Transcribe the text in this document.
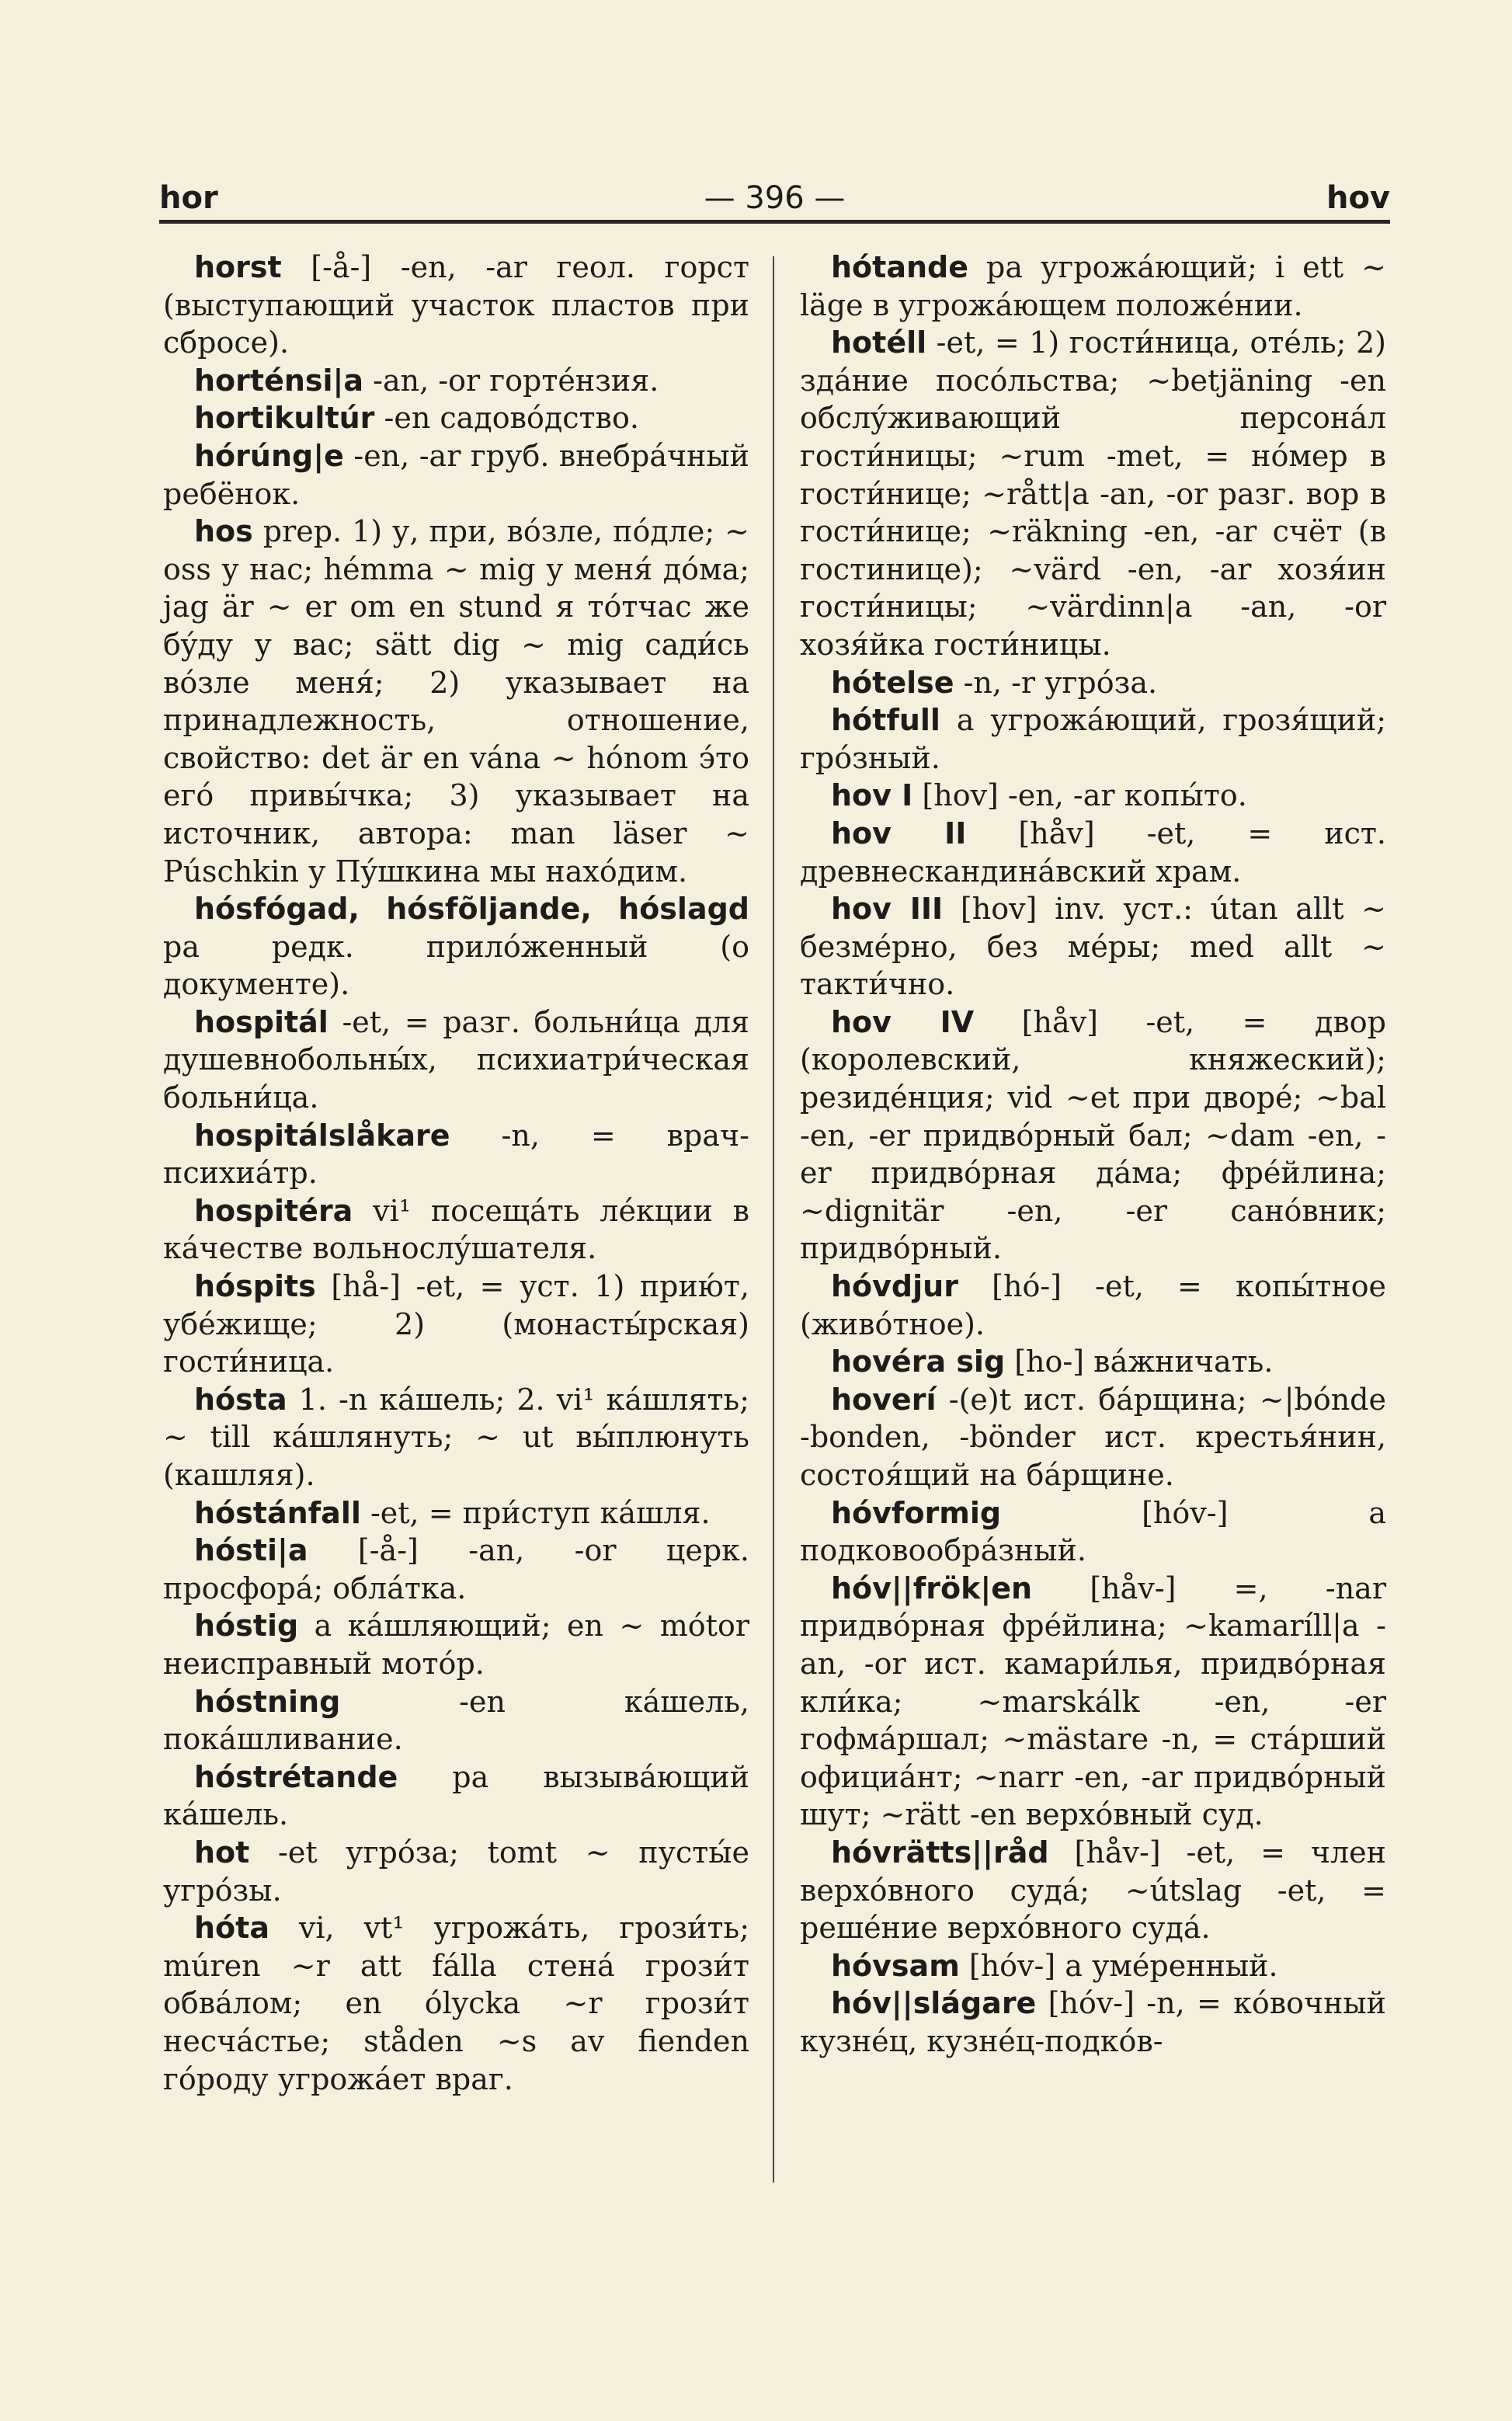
hor	— 396 —	hov

horst [-å-] -en, -ar геол. горст (выступающий участок пластов при сбросе).

horténsi|a -an, -or гортéнзия.

hortikultúr -en садовóдство.

hórúng|e -en, -ar груб. внебрáчный ребёнок.

hos prep. 1) у, при, вóзле, пóдле; ~ oss у нас; hémma ~ mig у меня́ дóма; jag är ~ er om en stund я тóтчас же бýду у вас; sätt dig ~ mig сади́сь вóзле меня́; 2) указывает на принадлежность, отношение, свойство: det är en vána ~ hónom э́то егó привы́чка; 3) указывает на источник, автора: man läser ~ Púschkin у Пýшкина мы нахóдим.

hósfógad, hósfõljande, hóslagd pa редк. прилóженный (о документе).

hospitál -et, = разг. больни́ца для душевнобольны́х, психиатри́ческая больни́ца.

hospitálslåkare -n, = врач-психиáтр.

hospitéra vi¹ посещáть лéкции в кáчестве вольнослýшателя.

hóspits [hå-] -et, = уст. 1) прию́т, убéжище; 2) (монасты́рская) гости́ница.

hósta 1. -n кáшель; 2. vi¹ кáшлять; ~ till кáшлянуть; ~ ut вы́плюнуть (кашляя).

hóstánfall -et, = при́ступ кáшля.

hósti|a [-å-] -an, -or церк. просфорá; облáтка.

hóstig a кáшляющий; en ~ mótor неисправный мотóр.

hóstning -en кáшель, покáшливание.

hóstrétande pa вызывáющий кáшель.

hot -et угрóза; tomt ~ пусты́е угрóзы.

hóta vi, vt¹ угрожáть, грози́ть; múren ~r att fálla стенá грози́т обвáлом; en ólycka ~r грози́т несчáстье; ståden ~s av fienden гóроду угрожáет враг.

hótande pa угрожáющий; i ett ~ läge в угрожáющем положéнии.

hotéll -et, = 1) гости́ница, отéль; 2) здáние посóльства; ~betjäning -en обслýживающий персонáл гости́ницы; ~rum -met, = нóмер в гости́нице; ~rått|a -an, -or разг. вор в гости́нице; ~räkning -en, -ar счёт (в гостинице); ~värd -en, -ar хозя́ин гости́ницы; ~värdinn|a -an, -or хозя́йка гости́ницы.

hótelse -n, -r угрóза.

hótfull a угрожáющий, грозя́щий; грóзный.

hov I [hov] -en, -ar копы́то.

hov II [håv] -et, = ист. древнескандинáвский храм.

hov III [hov] inv. уст.: útan allt ~ безмéрно, без мéры; med allt ~ такти́чно.

hov IV [håv] -et, = двор (королевский, княжеский); резидéнция; vid ~et при дворé; ~bal -en, -er придвóрный бал; ~dam -en, -er придвóрная дáма; фрéйлина; ~dignitär -en, -er санóвник; придвóрный.

hóvdjur [hó-] -et, = копы́тное (живóтное).

hovéra sig [ho-] вáжничать.

hoverí -(e)t ист. бáрщина; ~|bónde -bonden, -bönder ист. крестья́нин, состоя́щий на бáрщине.

hóvformig [hóv-] a подковообрáзный.

hóv||frök|en [håv-] =, -nar придвóрная фрéйлина; ~kamaríll|a -an, -or ист. камари́лья, придвóрная кли́ка; ~marskálk -en, -er гофмáршал; ~mästare -n, = стáрший официáнт; ~narr -en, -ar придвóрный шут; ~rätt -en верхóвный суд.

hóvrätts||råd [håv-] -et, = член верхóвного судá; ~útslag -et, = решéние верхóвного судá.

hóvsam [hóv-] a умéренный.

hóv||slágare [hóv-] -n, = кóвочный кузнéц, кузнéц-подкóв-
